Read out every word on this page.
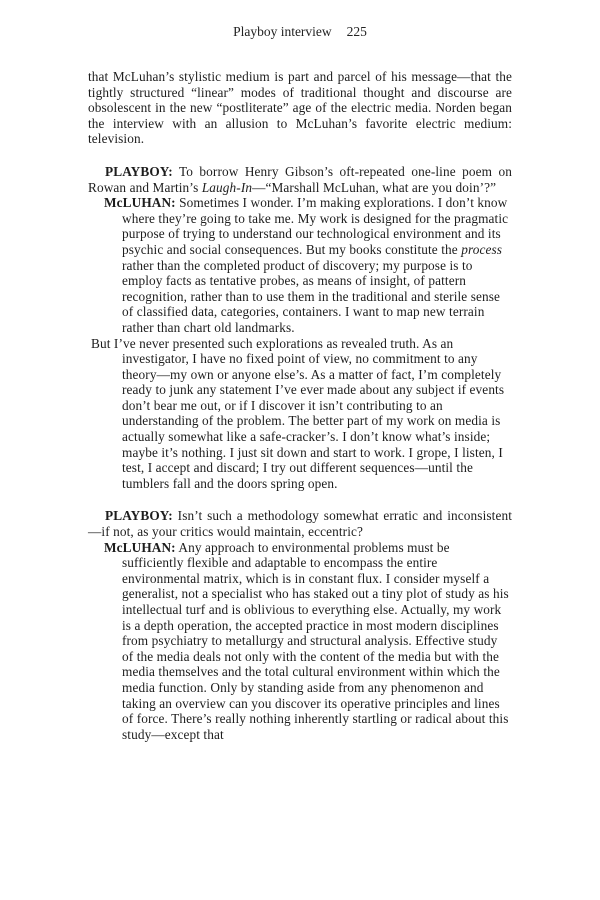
Playboy interview 225

that McLuhan’s stylistic medium is part and parcel of his message—that the tightly structured “linear” modes of traditional thought and discourse are obsolescent in the new “postliterate” age of the electric media. Norden began the interview with an allusion to McLuhan’s favorite electric medium: television.

PLAYBOY: To borrow Henry Gibson’s oft-repeated one-line poem on Rowan and Martin’s Laugh-In—“Marshall McLuhan, what are you doin’?”

McLUHAN: Sometimes I wonder. I’m making explorations. I don’t know where they’re going to take me. My work is designed for the pragmatic purpose of trying to understand our technological environment and its psychic and social consequences. But my books constitute the process rather than the completed product of discovery; my purpose is to employ facts as tentative probes, as means of insight, of pattern recognition, rather than to use them in the traditional and sterile sense of classified data, categories, containers. I want to map new terrain rather than chart old landmarks.

But I’ve never presented such explorations as revealed truth. As an investigator, I have no fixed point of view, no commitment to any theory—my own or anyone else’s. As a matter of fact, I’m completely ready to junk any statement I’ve ever made about any subject if events don’t bear me out, or if I discover it isn’t contributing to an understanding of the problem. The better part of my work on media is actually somewhat like a safe-cracker’s. I don’t know what’s inside; maybe it’s nothing. I just sit down and start to work. I grope, I listen, I test, I accept and discard; I try out different sequences—until the tumblers fall and the doors spring open.

PLAYBOY: Isn’t such a methodology somewhat erratic and inconsistent—if not, as your critics would maintain, eccentric?

McLUHAN: Any approach to environmental problems must be sufficiently flexible and adaptable to encompass the entire environmental matrix, which is in constant flux. I consider myself a generalist, not a specialist who has staked out a tiny plot of study as his intellectual turf and is oblivious to everything else. Actually, my work is a depth operation, the accepted practice in most modern disciplines from psychiatry to metallurgy and structural analysis. Effective study of the media deals not only with the content of the media but with the media themselves and the total cultural environment within which the media function. Only by standing aside from any phenomenon and taking an overview can you discover its operative principles and lines of force. There’s really nothing inherently startling or radical about this study—except that
